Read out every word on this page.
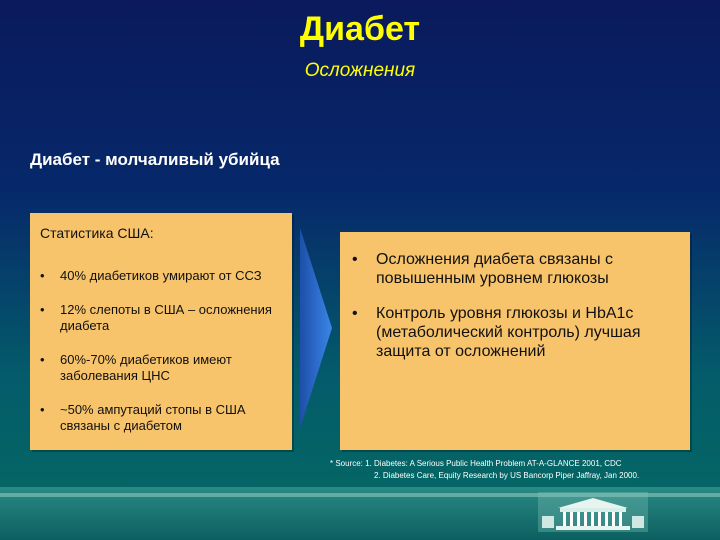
Диабет
Осложнения
Диабет - молчаливый убийца
Статистика США:
• 40% диабетиков умирают от ССЗ
• 12% слепоты в США – осложнения диабета
• 60%-70% диабетиков имеют заболевания ЦНС
• ~50% ампутаций стопы в США связаны с диабетом
• Осложнения диабета связаны с повышенным уровнем глюкозы
• Контроль уровня глюкозы и HbA1c (метаболический контроль) лучшая защита от осложнений
* Source: 1. Diabetes: A Serious Public Health Problem AT-A-GLANCE 2001, CDC
2. Diabetes Care, Equity Research by US Bancorp Piper Jaffray, Jan 2000.
